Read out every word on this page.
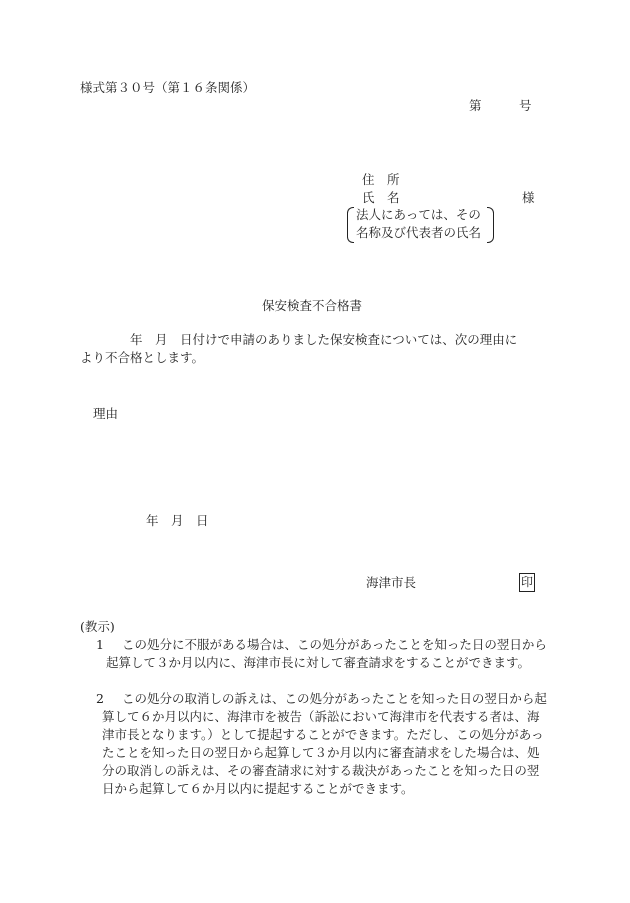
様式第３０号（第１６条関係）
第　　　号
住　所
氏　名	様
法人にあっては、その
名称及び代表者の氏名
保安検査不合格書
　　年　月　日付けで申請のありました保安検査については、次の理由に
より不合格とします。
理由
年　月　日
海津市長	印
(教示)
1	この処分に不服がある場合は、この処分があったことを知った日の翌日から起算して３か月以内に、海津市長に対して審査請求をすることができます。
2	この処分の取消しの訴えは、この処分があったことを知った日の翌日から起算して６か月以内に、海津市を被告（訴訟において海津市を代表する者は、海津市長となります。）として提起することができます。ただし、この処分があったことを知った日の翌日から起算して３か月以内に審査請求をした場合は、処分の取消しの訴えは、その審査請求に対する裁決があったことを知った日の翌日から起算して６か月以内に提起することができます。
